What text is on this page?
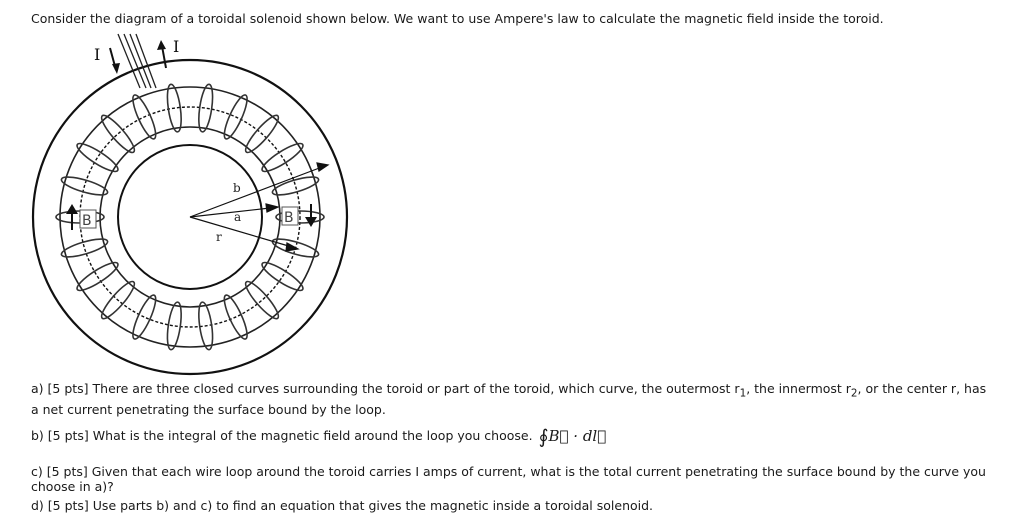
Consider the diagram of a toroidal solenoid shown below. We want to use Ampere's law to calculate the magnetic field inside the toroid.
I	I
B	B
b
a
r
a) [5 pts] There are three closed curves surrounding the toroid or part of the toroid, which curve, the outermost $r_1$, the innermost $r_2$, or the center r, has a net current penetrating the surface bound by the loop.
b) [5 pts] What is the integral of the magnetic field around the loop you choose. ∮B⃗ · dl⃗
c) [5 pts] Given that each wire loop around the toroid carries I amps of current, what is the total current penetrating the surface bound by the curve you choose in a)?
d) [5 pts] Use parts b) and c) to find an equation that gives the magnetic inside a toroidal solenoid.
